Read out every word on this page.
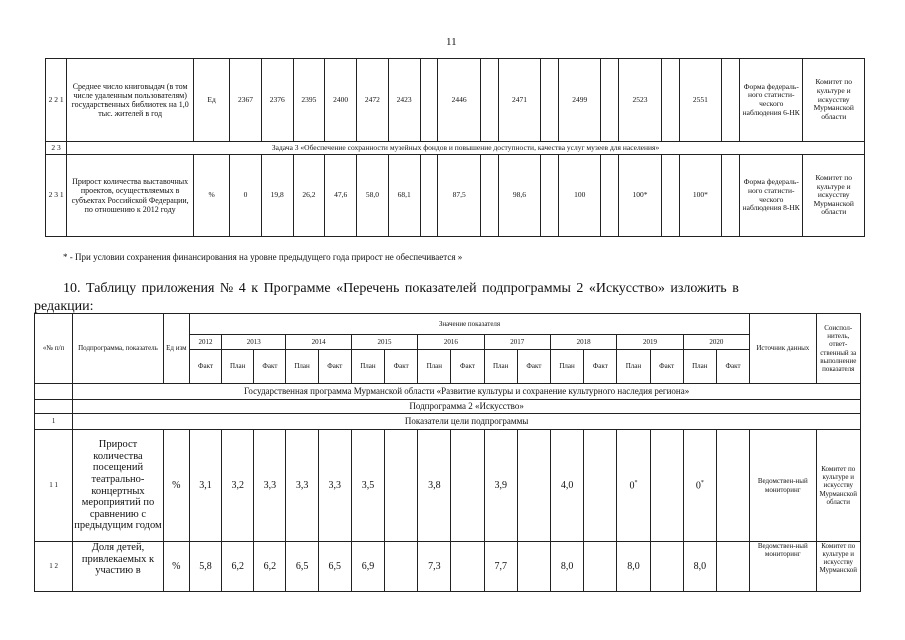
11
2 2 1	Среднее число книговыдач (в том числе удаленным пользователям) государственных библиотек на 1,0 тыс. жителей в год	Ед	2367	2376	2395	2400	2472	2423		2446		2471		2499		2523		2551		Форма федераль-ного статисти-ческого наблюдения 6-НК	Комитет по культуре и искусству Мурманской области
2 3	Задача 3 «Обеспечение сохранности музейных фондов и повышение доступности, качества услуг музеев для населения»																				
2 3 1	Прирост количества выставочных проектов, осуществляемых в субъектах Российской Федерации, по отношению к 2012 году	%	0	19,8	26,2	47,6	58,0	68,1		87,5		98,6		100		100*		100*		Форма федераль-ного статисти-ческого наблюдения 8-НК	Комитет по культуре и искусству Мурманской области
* - При условии сохранения финансирования на уровне предыдущего года прирост не обеспечивается »
10. Таблицу приложения № 4 к Программе «Перечень показателей подпрограммы 2 «Искусство» изложить в
редакции:
«№ п/п	Подпрограмма, показатель	Ед изм	Значение показателя																	Источник данных	Соиспол-нитель, ответ-ственный за выполнение показателя
			2012	2013		2014		2015		2016		2017		2018		2019		2020			
			Факт	План	Факт	План	Факт	План	Факт	План	Факт	План	Факт	План	Факт	План	Факт	План	Факт		
	Государственная программа Мурманской области «Развитие культуры и сохранение культурного наследия региона»																				
	Подпрограмма 2 «Искусство»																				
1	Показатели цели подпрограммы																				
1 1	Прирост количества посещений театрально-концертных мероприятий по сравнению с предыдущим годом	%	3,1	3,2	3,3	3,3	3,3	3,5		3,8		3,9		4,0		0*		0*		Ведомствен-ный мониторинг	Комитет по культуре и искусству Мурманской области
1 2	Доля детей, привлекаемых к участию в	%	5,8	6,2	6,2	6,5	6,5	6,9		7,3		7,7		8,0		8,0		8,0		Ведомствен-ный мониторинг	Комитет по культуре и искусству Мурманской
